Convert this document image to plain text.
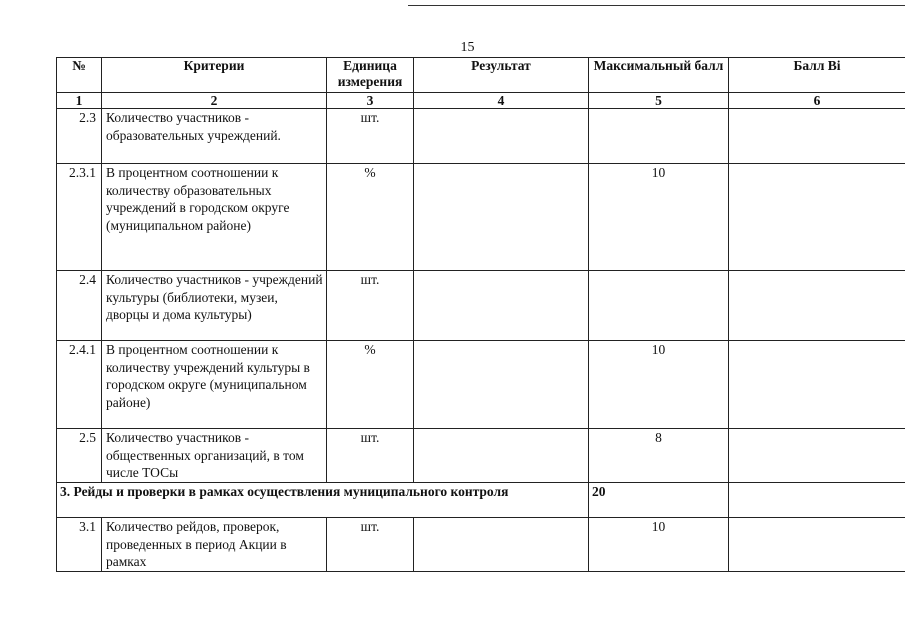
15
№	Критерии	Единица измерения	Результат	Максимальный балл	Балл Bi
1	2	3	4	5	6
2.3	Количество участников - образовательных учреждений.	шт.			
2.3.1	В процентном соотношении к количеству образовательных учреждений в городском округе (муниципальном районе)	%		10	
2.4	Количество участников - учреждений культуры (библиотеки, музеи, дворцы и дома культуры)	шт.			
2.4.1	В процентном соотношении к количеству учреждений культуры в городском округе (муниципальном районе)	%		10	
2.5	Количество участников - общественных организаций, в том числе ТОСы	шт.		8	
3. Рейды и проверки в рамках осуществления муниципального контроля				20	
3.1	Количество рейдов, проверок, проведенных в период Акции в рамках	шт.		10	
